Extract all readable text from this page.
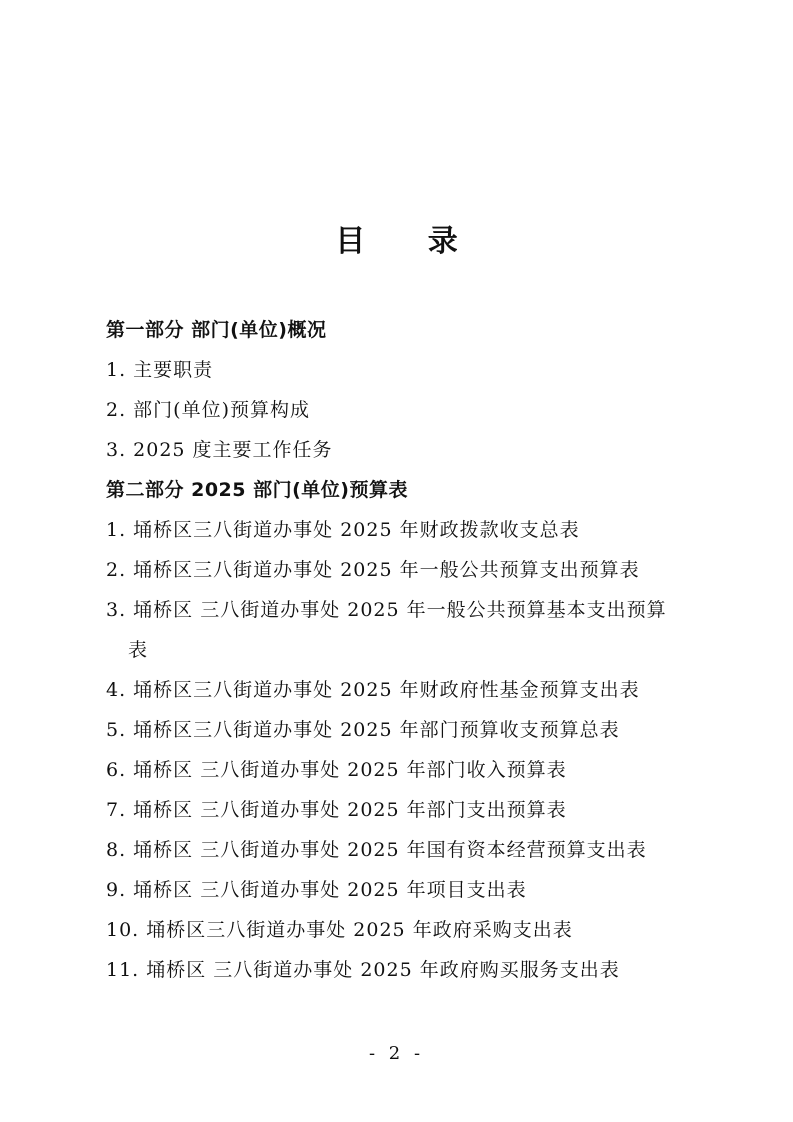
目 录
第一部分 部门(单位)概况
1. 主要职责
2. 部门(单位)预算构成
3. 2025 度主要工作任务
第二部分 2025 部门(单位)预算表
1. 埇桥区三八街道办事处 2025 年财政拨款收支总表
2. 埇桥区三八街道办事处 2025 年一般公共预算支出预算表
3. 埇桥区 三八街道办事处 2025 年一般公共预算基本支出预算
表
4. 埇桥区三八街道办事处 2025 年财政府性基金预算支出表
5. 埇桥区三八街道办事处 2025 年部门预算收支预算总表
6. 埇桥区 三八街道办事处 2025 年部门收入预算表
7. 埇桥区 三八街道办事处 2025 年部门支出预算表
8. 埇桥区 三八街道办事处 2025 年国有资本经营预算支出表
9. 埇桥区 三八街道办事处 2025 年项目支出表
10. 埇桥区三八街道办事处 2025 年政府采购支出表
11. 埇桥区 三八街道办事处 2025 年政府购买服务支出表
- 2 -
